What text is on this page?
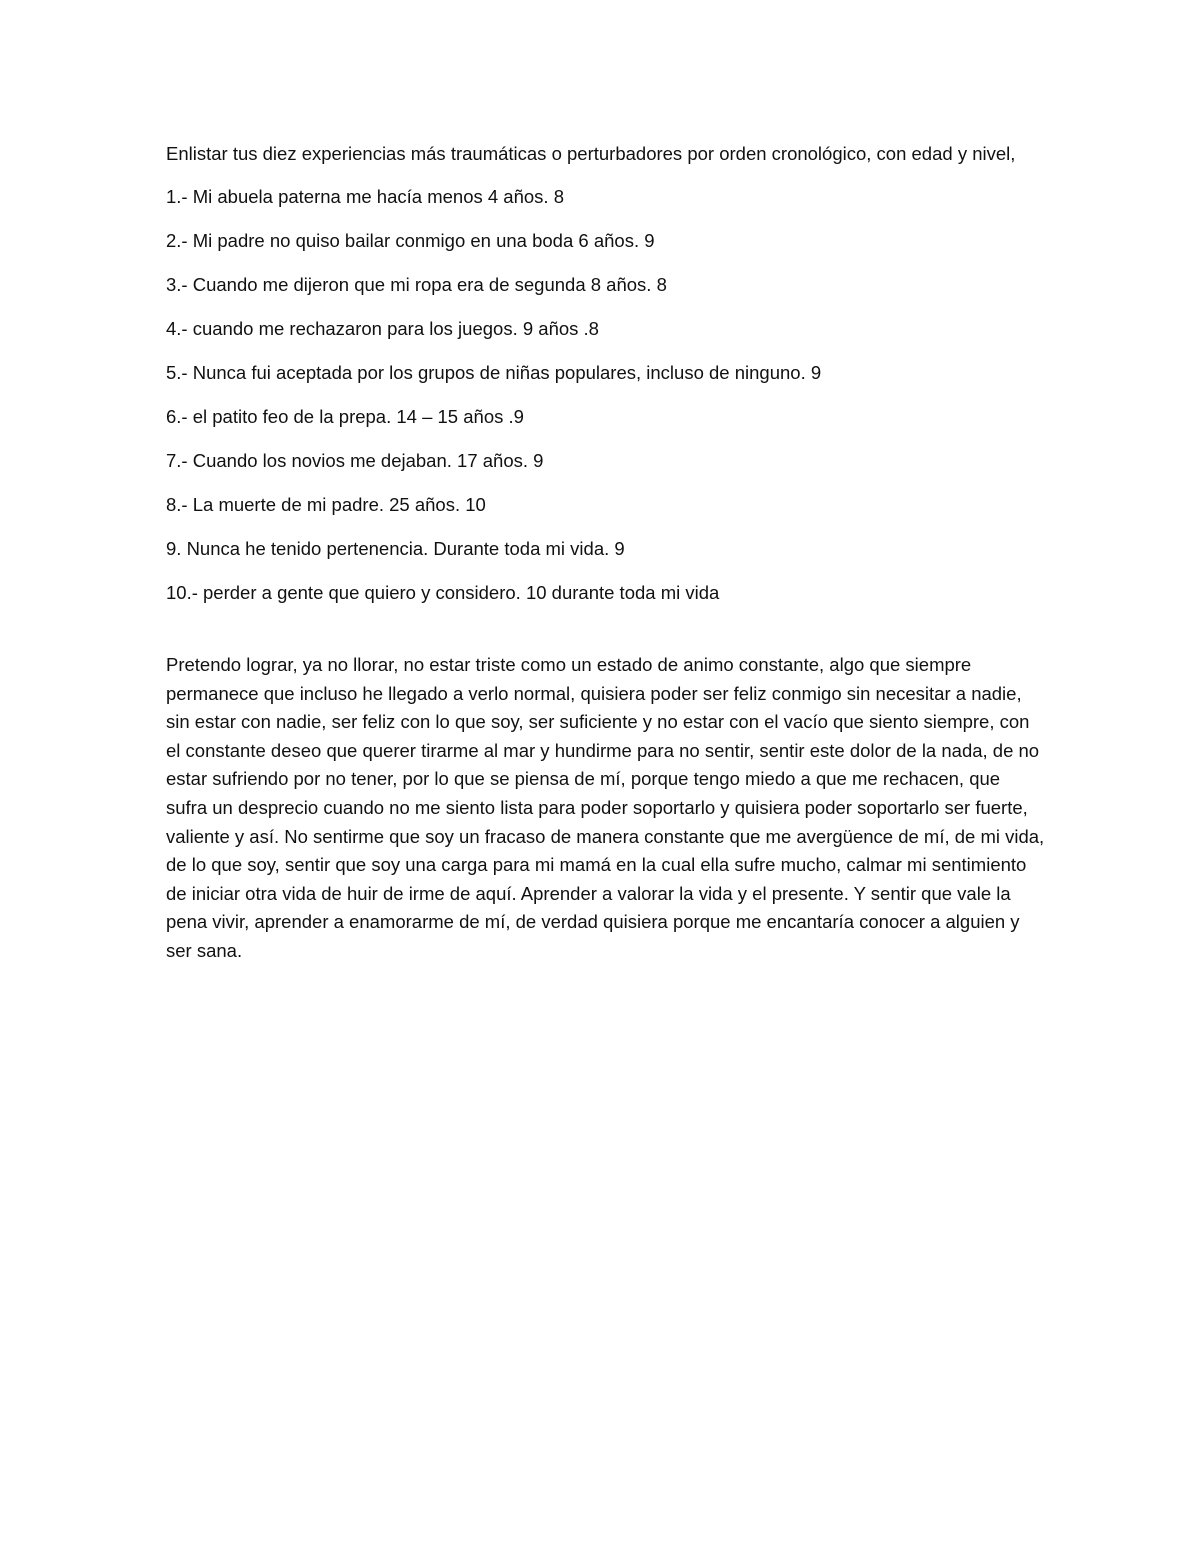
Enlistar tus diez experiencias más traumáticas o perturbadores por orden cronológico, con edad y nivel,

1.- Mi abuela paterna me hacía menos 4 años. 8
2.- Mi padre no quiso bailar conmigo en una boda 6 años. 9
3.- Cuando me dijeron que mi ropa era de segunda 8 años. 8
4.- cuando me rechazaron para los juegos. 9 años .8
5.- Nunca fui aceptada por los grupos de niñas populares, incluso de ninguno. 9
6.- el patito feo de la prepa. 14 – 15 años .9
7.- Cuando los novios me dejaban. 17 años. 9
8.- La muerte de mi padre. 25 años. 10
9. Nunca he tenido pertenencia. Durante toda mi vida. 9
10.- perder a gente que quiero y considero. 10 durante toda mi vida

Pretendo lograr, ya no llorar, no estar triste como un estado de animo constante, algo que siempre permanece que incluso he llegado a verlo normal, quisiera poder ser feliz conmigo sin necesitar a nadie, sin estar con nadie, ser feliz con lo que soy, ser suficiente y no estar con el vacío que siento siempre, con el constante deseo que querer tirarme al mar y hundirme para no sentir, sentir este dolor de la nada, de no estar sufriendo por no tener, por lo que se piensa de mí, porque tengo miedo a que me rechacen, que sufra un desprecio cuando no me siento lista para poder soportarlo y quisiera poder soportarlo ser fuerte, valiente y así. No sentirme que soy un fracaso de manera constante que me avergüence de mí, de mi vida, de lo que soy, sentir que soy una carga para mi mamá en la cual ella sufre mucho, calmar mi sentimiento de iniciar otra vida de huir de irme de aquí. Aprender a valorar la vida y el presente. Y sentir que vale la pena vivir, aprender a enamorarme de mí, de verdad quisiera porque me encantaría conocer a alguien y ser sana.
